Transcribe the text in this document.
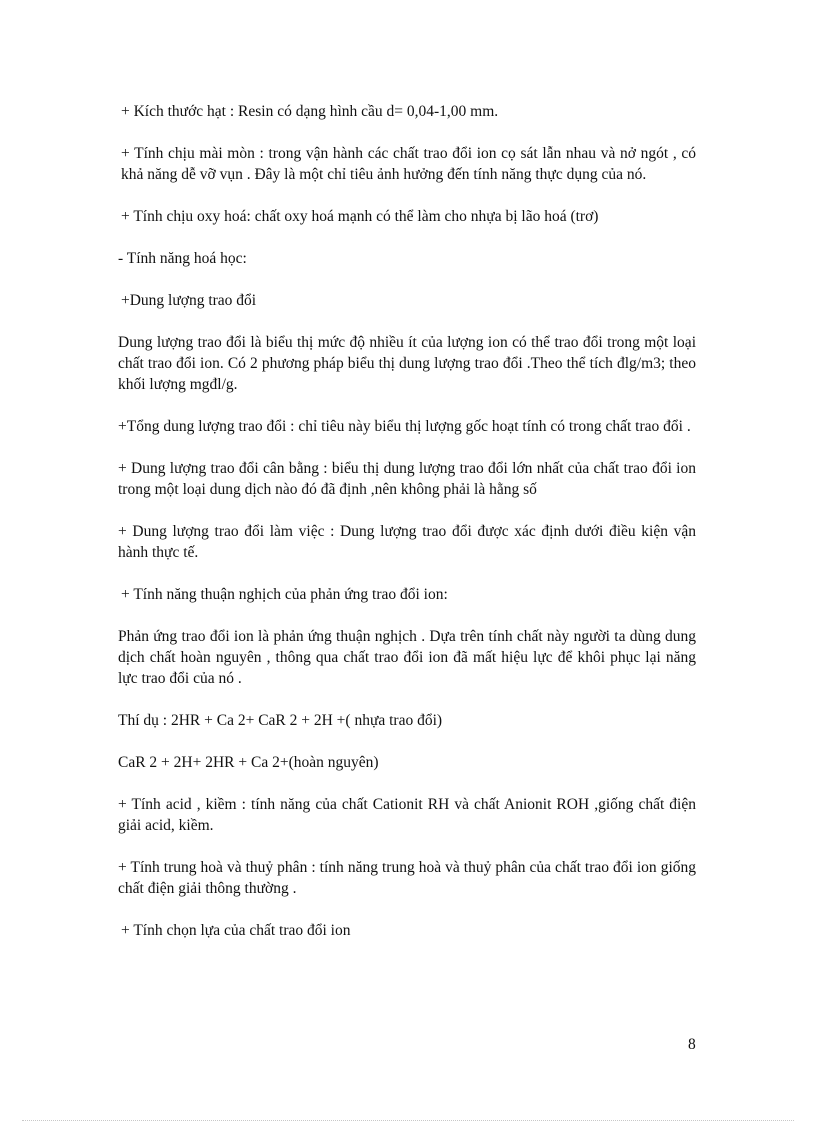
+ Kích thước hạt : Resin có dạng hình cầu d= 0,04-1,00 mm.

+ Tính chịu mài mòn : trong vận hành các chất trao đổi ion cọ sát lẫn nhau và nở ngót , có khả năng dễ vỡ vụn . Đây là một chỉ tiêu ảnh hưởng đến tính năng thực dụng của nó.

+ Tính chịu oxy hoá: chất oxy hoá mạnh có thể làm cho nhựa bị lão hoá (trơ)

- Tính năng hoá học:

+Dung lượng trao đổi

Dung lượng trao đổi là biểu thị mức độ nhiều ít của lượng ion có thể trao đổi trong một loại chất trao đổi ion. Có 2 phương pháp biểu thị dung lượng trao đổi .Theo thể tích đlg/m3; theo khối lượng mgđl/g.

+Tổng dung lượng trao đổi : chỉ tiêu này biểu thị lượng gốc hoạt tính có trong chất trao đổi .

+ Dung lượng trao đổi cân bằng : biểu thị dung lượng trao đổi lớn nhất của chất trao đổi ion trong một loại dung dịch nào đó đã định ,nên không phải là hằng số

+ Dung lượng trao đổi làm việc : Dung lượng trao đổi được xác định dưới điều kiện vận hành thực tế.

+ Tính năng thuận nghịch của phản ứng trao đổi ion:

Phản ứng trao đổi ion là phản ứng thuận nghịch . Dựa trên tính chất này người ta dùng dung dịch chất hoàn nguyên , thông qua chất trao đổi ion đã mất hiệu lực để khôi phục lại năng lực trao đổi của nó .

Thí dụ : 2HR + Ca 2+ CaR 2 + 2H +( nhựa trao đổi)

CaR 2 + 2H+ 2HR + Ca 2+(hoàn nguyên)

+ Tính acid , kiềm : tính năng của chất Cationit RH và chất Anionit ROH ,giống chất điện giải acid, kiềm.

+ Tính trung hoà và thuỷ phân : tính năng trung hoà và thuỷ phân của chất trao đổi ion giống chất điện giải thông thường .

+ Tính chọn lựa của chất trao đổi ion

8
